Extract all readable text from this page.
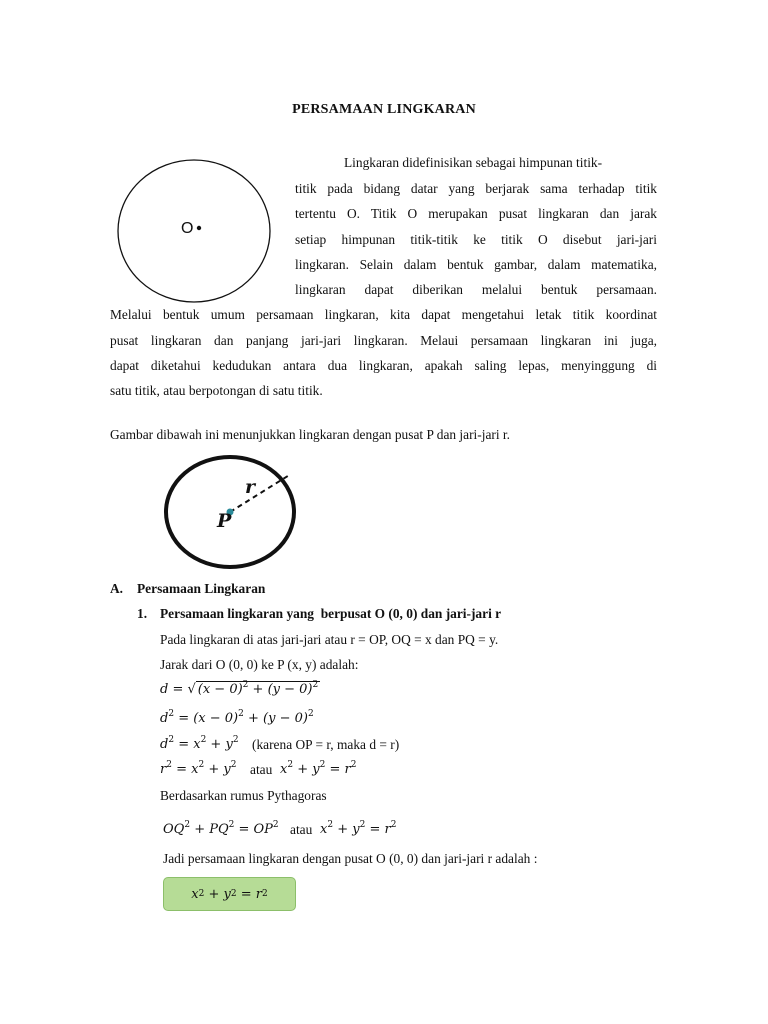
PERSAMAAN LINGKARAN
O
Lingkaran didefinisikan sebagai himpunan titik-
titik pada bidang datar yang berjarak sama terhadap titik
tertentu O. Titik O merupakan pusat lingkaran dan jarak
setiap himpunan titik-titik ke titik O disebut jari-jari
lingkaran. Selain dalam bentuk gambar, dalam matematika,
lingkaran dapat diberikan melalui bentuk persamaan.
Melalui bentuk umum persamaan lingkaran, kita dapat mengetahui letak titik koordinat
pusat lingkaran dan panjang jari-jari lingkaran. Melaui persamaan lingkaran ini juga,
dapat diketahui kedudukan antara dua lingkaran, apakah saling lepas, menyinggung di
satu titik, atau berpotongan di satu titik.
Gambar dibawah ini menunjukkan lingkaran dengan pusat P dan jari-jari r.
r
P
A. Persamaan Lingkaran
1. Persamaan lingkaran yang  berpusat O (0, 0) dan jari-jari r
Pada lingkaran di atas jari-jari atau r = OP, OQ = x dan PQ = y.
Jarak dari O (0, 0) ke P (x, y) adalah:
d = √ $(x - 0)^2 + (y - 0)^2$
$d^2 = (x - 0)^2 + (y - 0)^2$
$d^2 = x^2 + y^2$ (karena OP = r, maka d = r)
$r^2 = x^2 + y^2$ atau $x^2 + y^2 = r^2$
Berdasarkan rumus Pythagoras
$OQ^2 + PQ^2 = OP^2$ atau $x^2 + y^2 = r^2$
Jadi persamaan lingkaran dengan pusat O (0, 0) dan jari-jari r adalah :
x 2 + y 2 = r 2
